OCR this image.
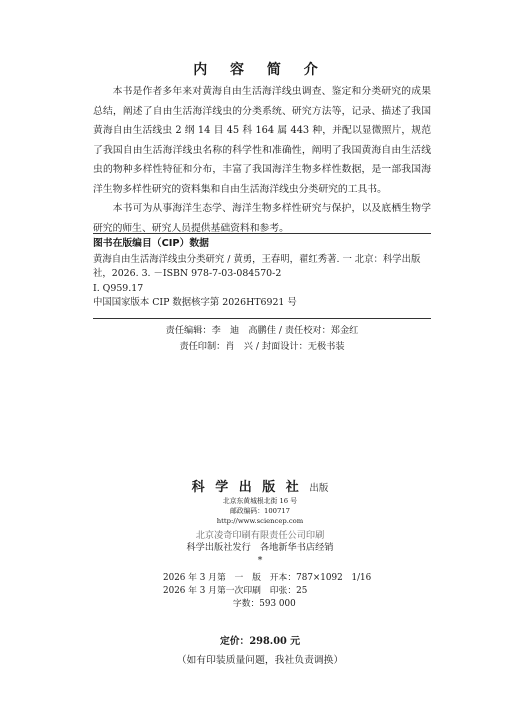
内 容 简 介

本书是作者多年来对黄海自由生活海洋线虫调查、鉴定和分类研究的成果总结，阐述了自由生活海洋线虫的分类系统、研究方法等，记录、描述了我国黄海自由生活线虫 2 纲 14 目 45 科 164 属 443 种，并配以显微照片，规范了我国自由生活海洋线虫名称的科学性和准确性，阐明了我国黄海自由生活线虫的物种多样性特征和分布，丰富了我国海洋生物多样性数据，是一部我国海洋生物多样性研究的资料集和自由生活海洋线虫分类研究的工具书。

本书可为从事海洋生态学、海洋生物多样性研究与保护，以及底栖生物学研究的师生、研究人员提供基础资料和参考。

图书在版编目（CIP）数据
黄海自由生活海洋线虫分类研究 / 黄勇，王春明，翟红秀著. 一 北京：科学出版社，2026. 3. －ISBN 978-7-03-084570-2
Ⅰ. Q959.17
中国国家版本 CIP 数据核字第 2026HT6921 号
责任编辑：李　迪　高鹏佳 / 责任校对：郑金红
责任印制：肖　兴 / 封面设计：无极书装
科 学 出 版 社 出版
北京东黄城根北街 16 号
邮政编码：100717
http://www.sciencep.com
北京凌奇印刷有限责任公司印刷
科学出版社发行　各地新华书店经销
*
2026 年 3 月第　一　版　开本：787×1092　1/16
2026 年 3 月第一次印刷　印张：25
字数：593 000
定价：298.00 元
（如有印装质量问题，我社负责调换）
